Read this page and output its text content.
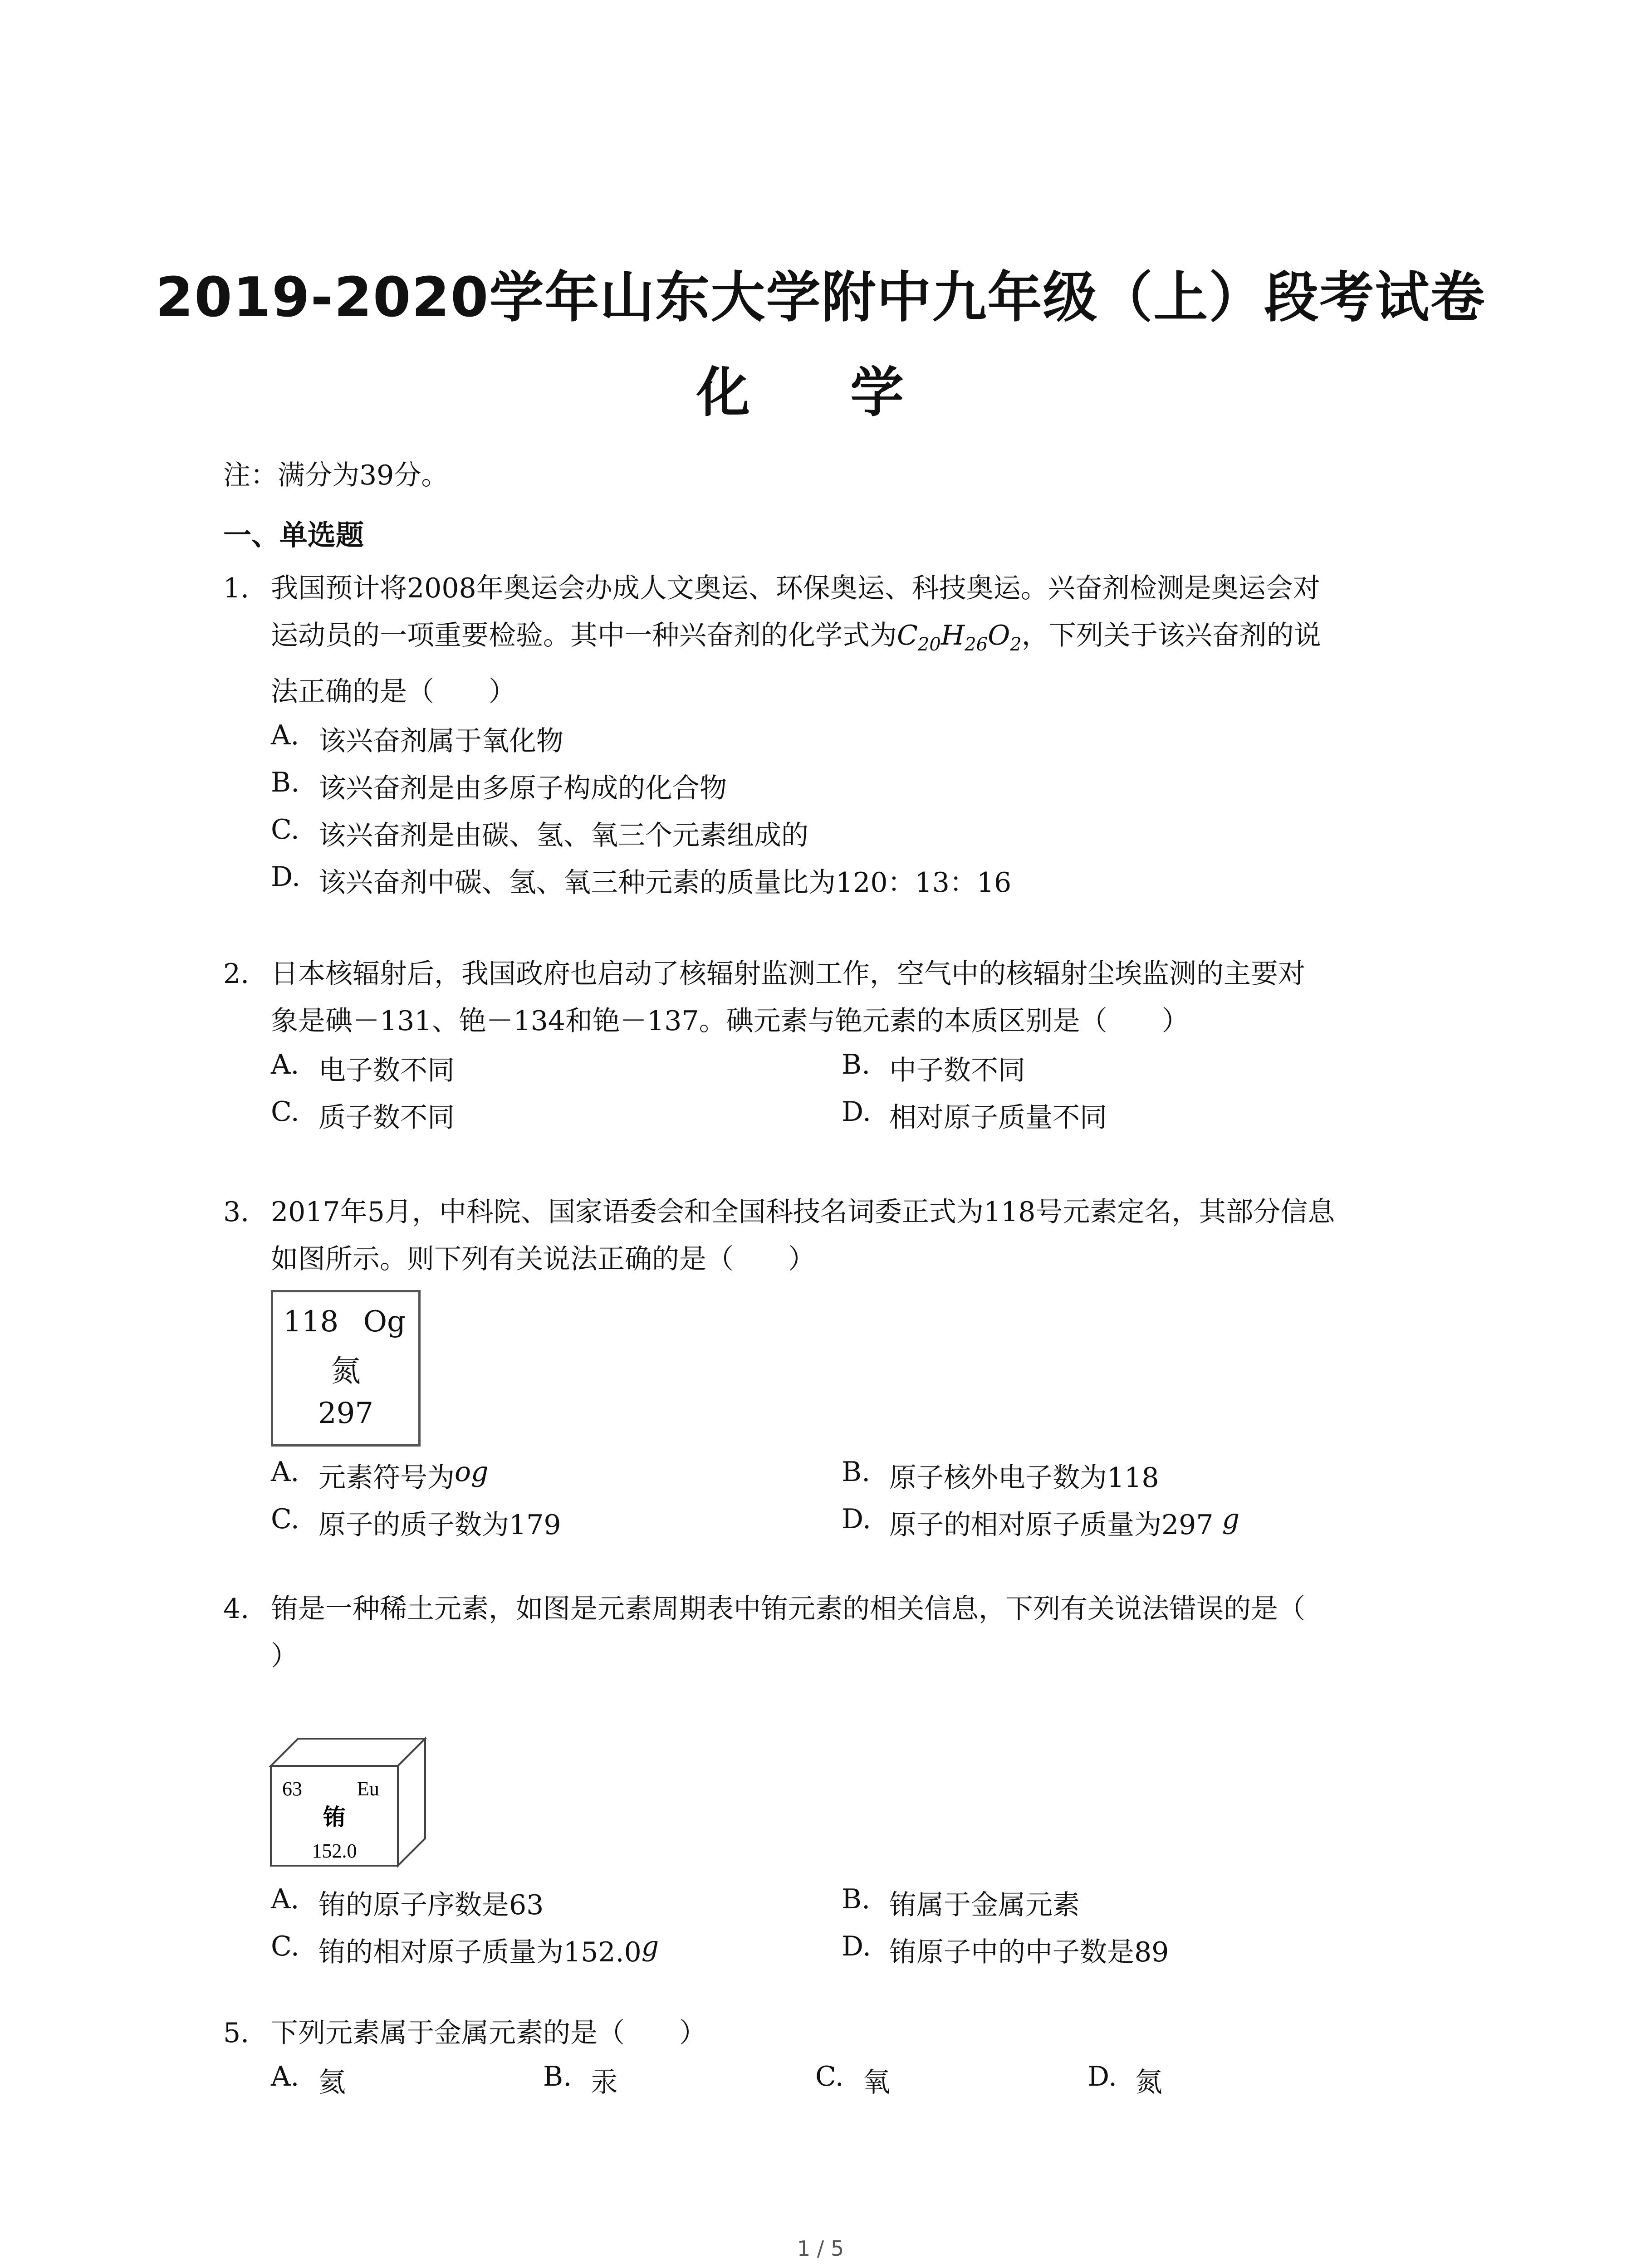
2019-2020学年山东大学附中九年级（上）段考试卷
化 学
注：满分为39分。
一、单选题
1. 我国预计将2008年奥运会办成人文奥运、环保奥运、科技奥运。兴奋剂检测是奥运会对
运动员的一项重要检验。其中一种兴奋剂的化学式为$C_{20}H_{26}O_2$，下列关于该兴奋剂的说
法正确的是（　　）
A. 该兴奋剂属于氧化物
B. 该兴奋剂是由多原子构成的化合物
C. 该兴奋剂是由碳、氢、氧三个元素组成的
D. 该兴奋剂中碳、氢、氧三种元素的质量比为120：13：16
2. 日本核辐射后，我国政府也启动了核辐射监测工作，空气中的核辐射尘埃监测的主要对
象是碘－131、铯－134和铯－137。碘元素与铯元素的本质区别是（　　）
A. 电子数不同	B. 中子数不同
C. 质子数不同	D. 相对原子质量不同
3. 2017年5月，中科院、国家语委会和全国科技名词委正式为118号元素定名，其部分信息
如图所示。则下列有关说法正确的是（　　）
118 Og
氮
297
A. 元素符号为 og	B. 原子核外电子数为118
C. 原子的质子数为179	D. 原子的相对原子质量为297 g
4. 铕是一种稀土元素，如图是元素周期表中铕元素的相关信息，下列有关说法错误的是（
）
63	Eu
铕
152.0
A. 铕的原子序数是63	B. 铕属于金属元素
C. 铕的相对原子质量为152.0 g	D. 铕原子中的中子数是89
5. 下列元素属于金属元素的是（　　）
A. 氦	B. 汞	C. 氧	D. 氮
1 / 5
